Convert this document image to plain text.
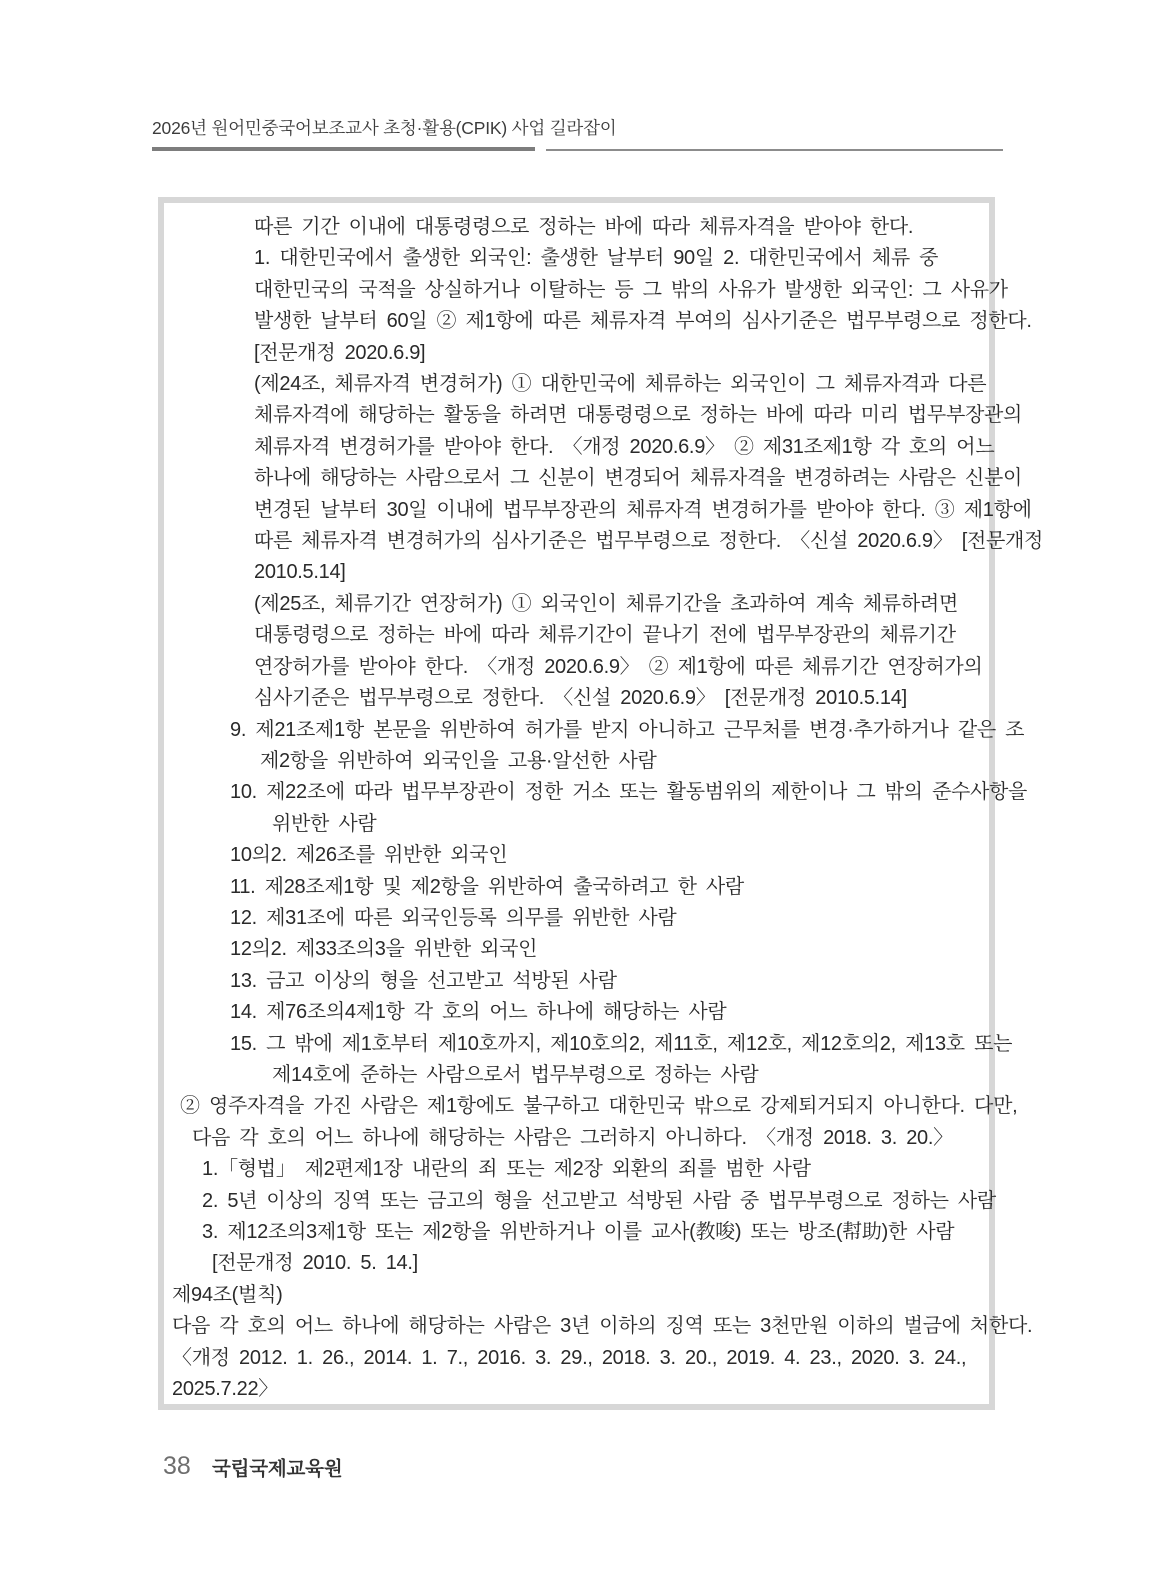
2026년 원어민중국어보조교사 초청·활용(CPIK) 사업 길라잡이
따른 기간 이내에 대통령령으로 정하는 바에 따라 체류자격을 받아야 한다.
1. 대한민국에서 출생한 외국인: 출생한 날부터 90일 2. 대한민국에서 체류 중
대한민국의 국적을 상실하거나 이탈하는 등 그 밖의 사유가 발생한 외국인: 그 사유가
발생한 날부터 60일 ② 제1항에 따른 체류자격 부여의 심사기준은 법무부령으로 정한다.
[전문개정 2020.6.9]
(제24조, 체류자격 변경허가) ① 대한민국에 체류하는 외국인이 그 체류자격과 다른
체류자격에 해당하는 활동을 하려면 대통령령으로 정하는 바에 따라 미리 법무부장관의
체류자격 변경허가를 받아야 한다. 〈개정 2020.6.9〉 ② 제31조제1항 각 호의 어느
하나에 해당하는 사람으로서 그 신분이 변경되어 체류자격을 변경하려는 사람은 신분이
변경된 날부터 30일 이내에 법무부장관의 체류자격 변경허가를 받아야 한다. ③ 제1항에
따른 체류자격 변경허가의 심사기준은 법무부령으로 정한다. 〈신설 2020.6.9〉 [전문개정
2010.5.14]
(제25조, 체류기간 연장허가) ① 외국인이 체류기간을 초과하여 계속 체류하려면
대통령령으로 정하는 바에 따라 체류기간이 끝나기 전에 법무부장관의 체류기간
연장허가를 받아야 한다. 〈개정 2020.6.9〉 ② 제1항에 따른 체류기간 연장허가의
심사기준은 법무부령으로 정한다. 〈신설 2020.6.9〉 [전문개정 2010.5.14]
9. 제21조제1항 본문을 위반하여 허가를 받지 아니하고 근무처를 변경·추가하거나 같은 조
제2항을 위반하여 외국인을 고용·알선한 사람
10. 제22조에 따라 법무부장관이 정한 거소 또는 활동범위의 제한이나 그 밖의 준수사항을
위반한 사람
10의2. 제26조를 위반한 외국인
11. 제28조제1항 및 제2항을 위반하여 출국하려고 한 사람
12. 제31조에 따른 외국인등록 의무를 위반한 사람
12의2. 제33조의3을 위반한 외국인
13. 금고 이상의 형을 선고받고 석방된 사람
14. 제76조의4제1항 각 호의 어느 하나에 해당하는 사람
15. 그 밖에 제1호부터 제10호까지, 제10호의2, 제11호, 제12호, 제12호의2, 제13호 또는
제14호에 준하는 사람으로서 법무부령으로 정하는 사람
② 영주자격을 가진 사람은 제1항에도 불구하고 대한민국 밖으로 강제퇴거되지 아니한다. 다만,
다음 각 호의 어느 하나에 해당하는 사람은 그러하지 아니하다. 〈개정 2018. 3. 20.〉
1.「형법」 제2편제1장 내란의 죄 또는 제2장 외환의 죄를 범한 사람
2. 5년 이상의 징역 또는 금고의 형을 선고받고 석방된 사람 중 법무부령으로 정하는 사람
3. 제12조의3제1항 또는 제2항을 위반하거나 이를 교사(教唆) 또는 방조(幇助)한 사람
[전문개정 2010. 5. 14.]
제94조(벌칙)
다음 각 호의 어느 하나에 해당하는 사람은 3년 이하의 징역 또는 3천만원 이하의 벌금에 처한다.
〈개정 2012. 1. 26., 2014. 1. 7., 2016. 3. 29., 2018. 3. 20., 2019. 4. 23., 2020. 3. 24.,
2025.7.22〉
38 국립국제교육원
